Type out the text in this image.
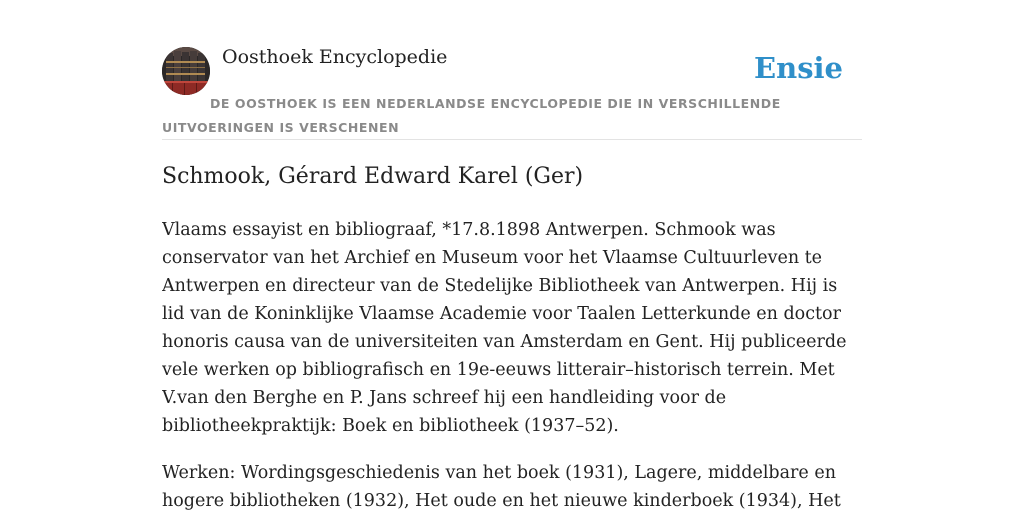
Oosthoek Encyclopedie	Ensie
DE OOSTHOEK IS EEN NEDERLANDSE ENCYCLOPEDIE DIE IN VERSCHILLENDE UITVOERINGEN IS VERSCHENEN
Schmook, Gérard Edward Karel (Ger)

Vlaams essayist en bibliograaf, *17.8.1898 Antwerpen. Schmook was conservator van het Archief en Museum voor het Vlaamse Cultuurleven te Antwerpen en directeur van de Stedelijke Bibliotheek van Antwerpen. Hij is lid van de Koninklijke Vlaamse Academie voor Taalen Letterkunde en doctor honoris causa van de universiteiten van Amsterdam en Gent. Hij publiceerde vele werken op bibliografisch en 19e-eeuws litterair–historisch terrein. Met V.van den Berghe en P. Jans schreef hij een handleiding voor de bibliotheekpraktijk: Boek en bibliotheek (1937–52).

Werken: Wordingsgeschiedenis van het boek (1931), Lagere, middelbare en hogere bibliotheken (1932), Het oude en het nieuwe kinderboek (1934), Het
